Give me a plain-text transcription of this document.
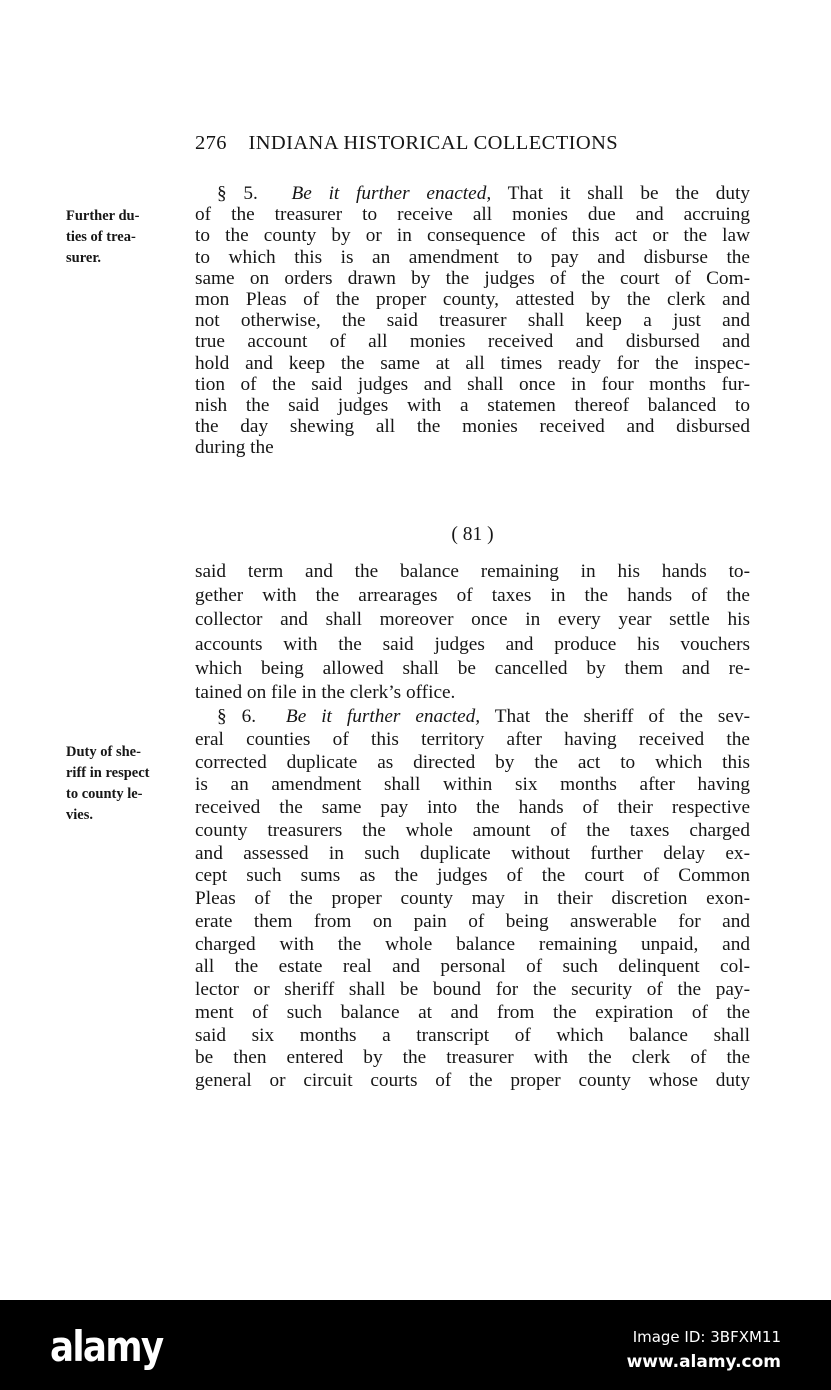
276 INDIANA HISTORICAL COLLECTIONS
Further du-
ties of trea-
surer.
Duty of she-
riff in respect
to county le-
vies.
§ 5. Be it further enacted, That it shall be the duty
of the treasurer to receive all monies due and accruing
to the county by or in consequence of this act or the law
to which this is an amendment to pay and disburse the
same on orders drawn by the judges of the court of Com-
mon Pleas of the proper county, attested by the clerk and
not otherwise, the said treasurer shall keep a just and
true account of all monies received and disbursed and
hold and keep the same at all times ready for the inspec-
tion of the said judges and shall once in four months fur-
nish the said judges with a statemen thereof balanced to
the day shewing all the monies received and disbursed
during the
( 81 )
said term and the balance remaining in his hands to-
gether with the arrearages of taxes in the hands of the
collector and shall moreover once in every year settle his
accounts with the said judges and produce his vouchers
which being allowed shall be cancelled by them and re-
tained on file in the clerk’s office.
§ 6. Be it further enacted, That the sheriff of the sev-
eral counties of this territory after having received the
corrected duplicate as directed by the act to which this
is an amendment shall within six months after having
received the same pay into the hands of their respective
county treasurers the whole amount of the taxes charged
and assessed in such duplicate without further delay ex-
cept such sums as the judges of the court of Common
Pleas of the proper county may in their discretion exon-
erate them from on pain of being answerable for and
charged with the whole balance remaining unpaid, and
all the estate real and personal of such delinquent col-
lector or sheriff shall be bound for the security of the pay-
ment of such balance at and from the expiration of the
said six months a transcript of which balance shall
be then entered by the treasurer with the clerk of the
general or circuit courts of the proper county whose duty
alamy	Image ID: 3BFXM11
www.alamy.com
